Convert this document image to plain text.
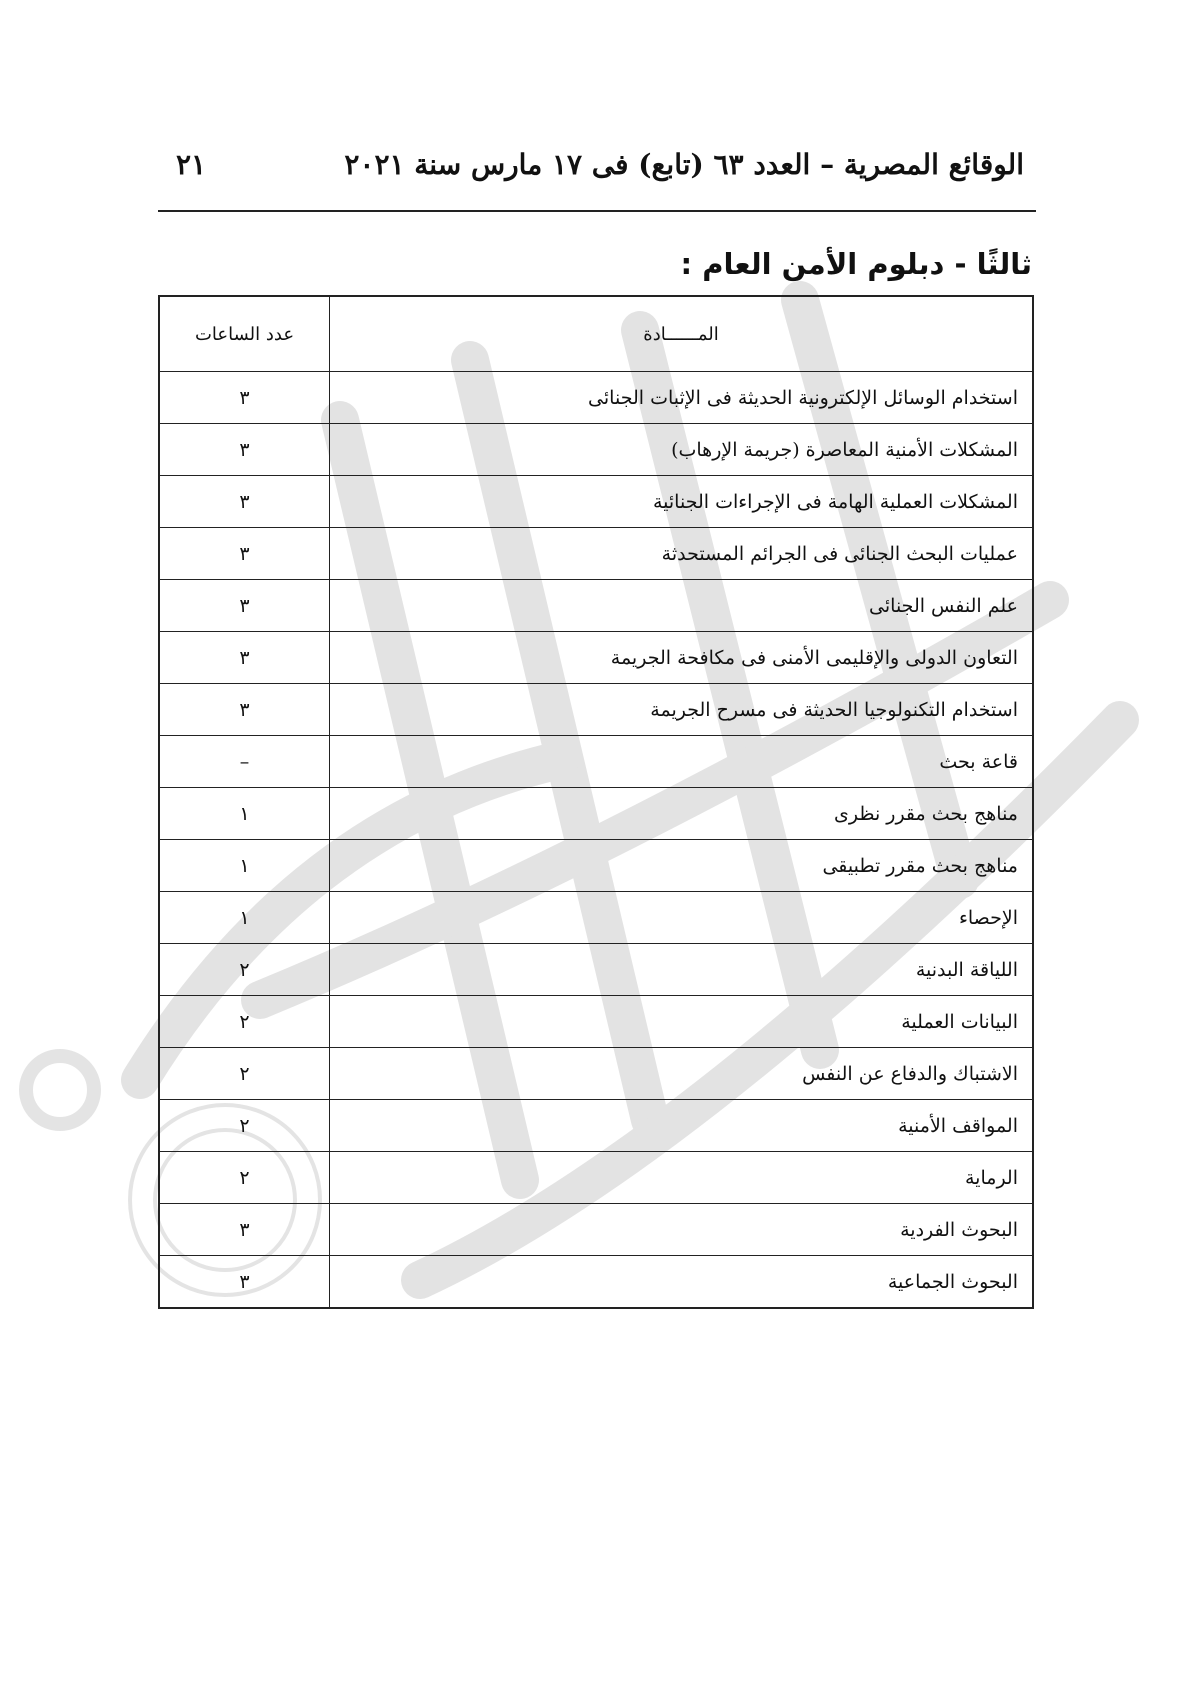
الوقائع المصرية – العدد ٦٣ (تابع) فى ١٧ مارس سنة ٢٠٢١
٢١
ثالثًا - دبلوم الأمن العام :
المــــــادة	عدد الساعات
استخدام الوسائل الإلكترونية الحديثة فى الإثبات الجنائى	٣
المشكلات الأمنية المعاصرة (جريمة الإرهاب)	٣
المشكلات العملية الهامة فى الإجراءات الجنائية	٣
عمليات البحث الجنائى فى الجرائم المستحدثة	٣
علم النفس الجنائى	٣
التعاون الدولى والإقليمى الأمنى فى مكافحة الجريمة	٣
استخدام التكنولوجيا الحديثة فى مسرح الجريمة	٣
قاعة بحث	–
مناهج بحث مقرر نظرى	١
مناهج بحث مقرر تطبيقى	١
الإحصاء	١
اللياقة البدنية	٢
البيانات العملية	٢
الاشتباك والدفاع عن النفس	٢
المواقف الأمنية	٢
الرماية	٢
البحوث الفردية	٣
البحوث الجماعية	٣
